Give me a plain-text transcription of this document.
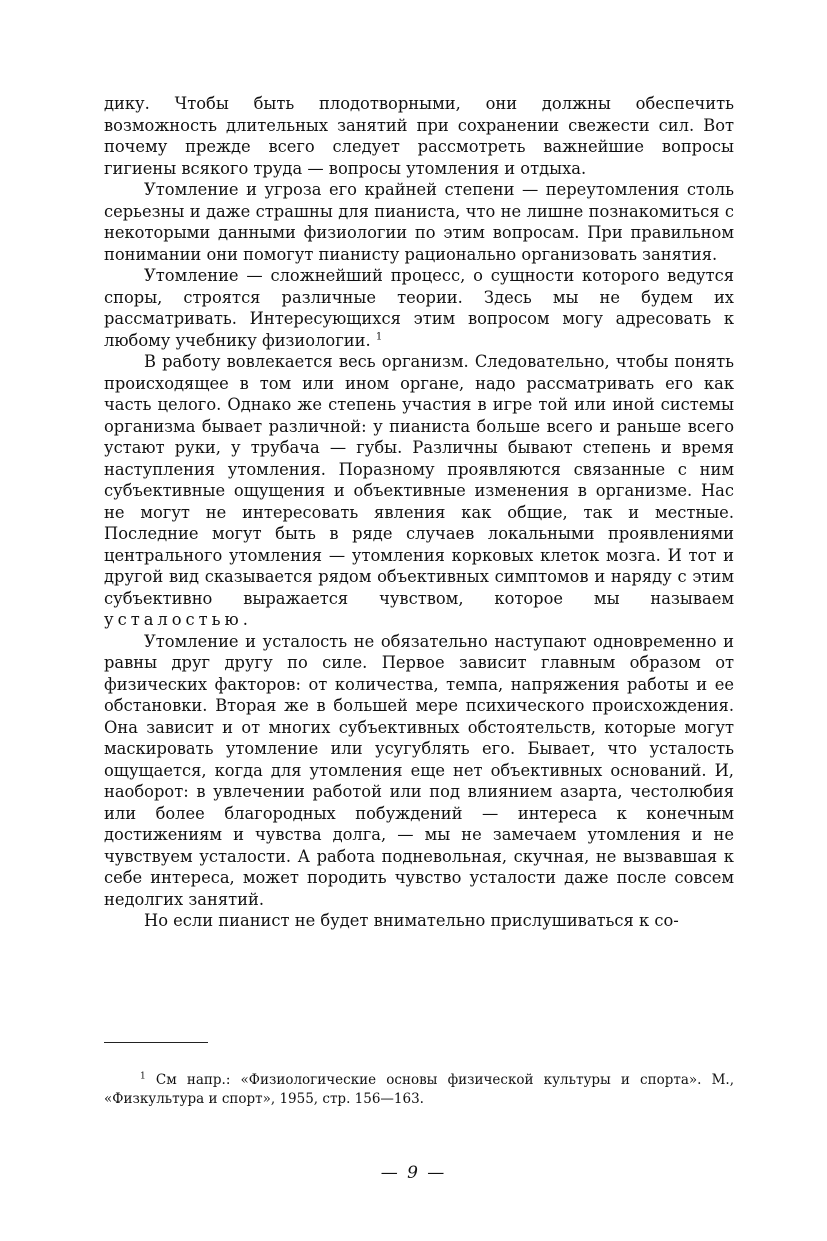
дику. Чтобы быть плодотворными, они должны обеспечить возможность длительных занятий при сохранении свежести сил. Вот почему прежде всего следует рассмотреть важнейшие вопросы гигиены всякого труда — вопросы утомления и отдыха.

Утомление и угроза его крайней степени — переутомления столь серьезны и даже страшны для пианиста, что не лишне познакомиться с некоторыми данными физиологии по этим вопросам. При правильном понимании они помогут пианисту рационально организовать занятия.

Утомление — сложнейший процесс, о сущности которого ведутся споры, строятся различные теории. Здесь мы не будем их рассматривать. Интересующихся этим вопросом могу адресовать к любому учебнику физиологии. $^1$

В работу вовлекается весь организм. Следовательно, чтобы понять происходящее в том или ином органе, надо рассматривать его как часть целого. Однако же степень участия в игре той или иной системы организма бывает различной: у пианиста больше всего и раньше всего устают руки, у трубача — губы. Различны бывают степень и время наступления утомления. Поразному проявляются связанные с ним субъективные ощущения и объективные изменения в организме. Нас не могут не интересовать явления как общие, так и местные. Последние могут быть в ряде случаев локальными проявлениями центрального утомления — утомления корковых клеток мозга. И тот и другой вид сказывается рядом объективных симптомов и наряду с этим субъективно выражается чувством, которое мы называем усталостью.

Утомление и усталость не обязательно наступают одновременно и равны друг другу по силе. Первое зависит главным образом от физических факторов: от количества, темпа, напряжения работы и ее обстановки. Вторая же в большей мере психического происхождения. Она зависит и от многих субъективных обстоятельств, которые могут маскировать утомление или усугублять его. Бывает, что усталость ощущается, когда для утомления еще нет объективных оснований. И, наоборот: в увлечении работой или под влиянием азарта, честолюбия или более благородных побуждений — интереса к конечным достижениям и чувства долга, — мы не замечаем утомления и не чувствуем усталости. А работа подневольная, скучная, не вызвавшая к себе интереса, может породить чувство усталости даже после совсем недолгих занятий.

Но если пианист не будет внимательно прислушиваться к со-

$^1$ См напр.: «Физиологические основы физической культуры и спорта». М., «Физкультура и спорт», 1955, стр. 156—163.

— 9 —
